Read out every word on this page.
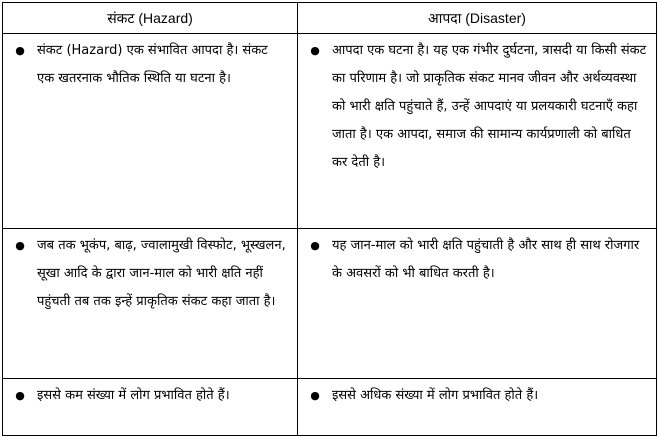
संकट (Hazard)	आपदा (Disaster)

● संकट (Hazard) एक संभावित आपदा है। संकट एक खतरनाक भौतिक स्थिति या घटना है।	● आपदा एक घटना है। यह एक गंभीर दुर्घटना, त्रासदी या किसी संकट का परिणाम है। जो प्राकृतिक संकट मानव जीवन और अर्थव्यवस्था को भारी क्षति पहुंचाते हैं, उन्हें आपदाएं या प्रलयकारी घटनाएँ कहा जाता है। एक आपदा, समाज की सामान्य कार्यप्रणाली को बाधित कर देती है।

● जब तक भूकंप, बाढ़, ज्वालामुखी विस्फोट, भूस्खलन, सूखा आदि के द्वारा जान-माल को भारी क्षति नहीं पहुंचती तब तक इन्हें प्राकृतिक संकट कहा जाता है।	● यह जान-माल को भारी क्षति पहुंचाती है और साथ ही साथ रोजगार के अवसरों को भी बाधित करती है।

● इससे कम संख्या में लोग प्रभावित होते हैं।	● इससे अधिक संख्या में लोग प्रभावित होते हैं।
